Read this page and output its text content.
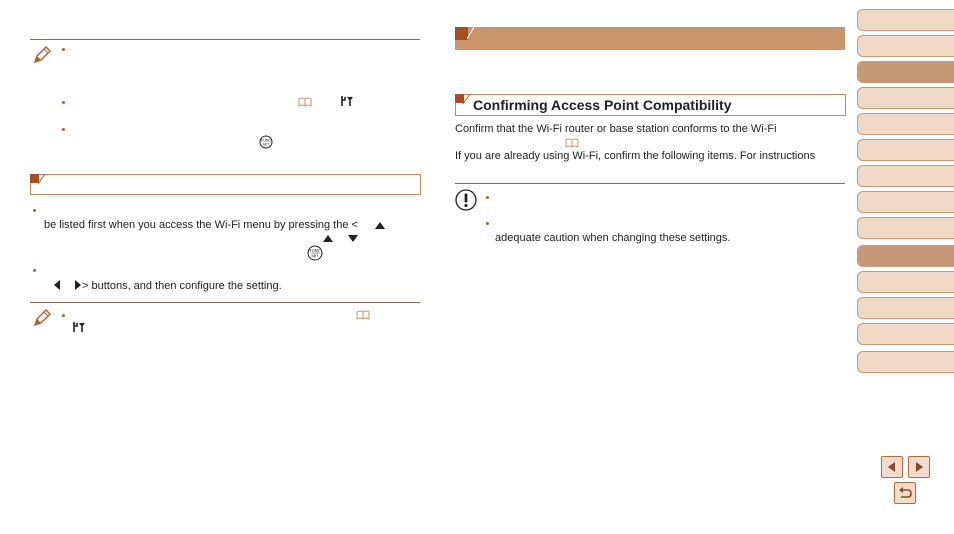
FUNC
SET
be listed first when you access the Wi-Fi menu by pressing the <
FUNC
SET
> buttons, and then configure the setting.
Confirming Access Point Compatibility
Confirm that the Wi-Fi router or base station conforms to the Wi-Fi
If you are already using Wi-Fi, confirm the following items. For instructions
adequate caution when changing these settings.
